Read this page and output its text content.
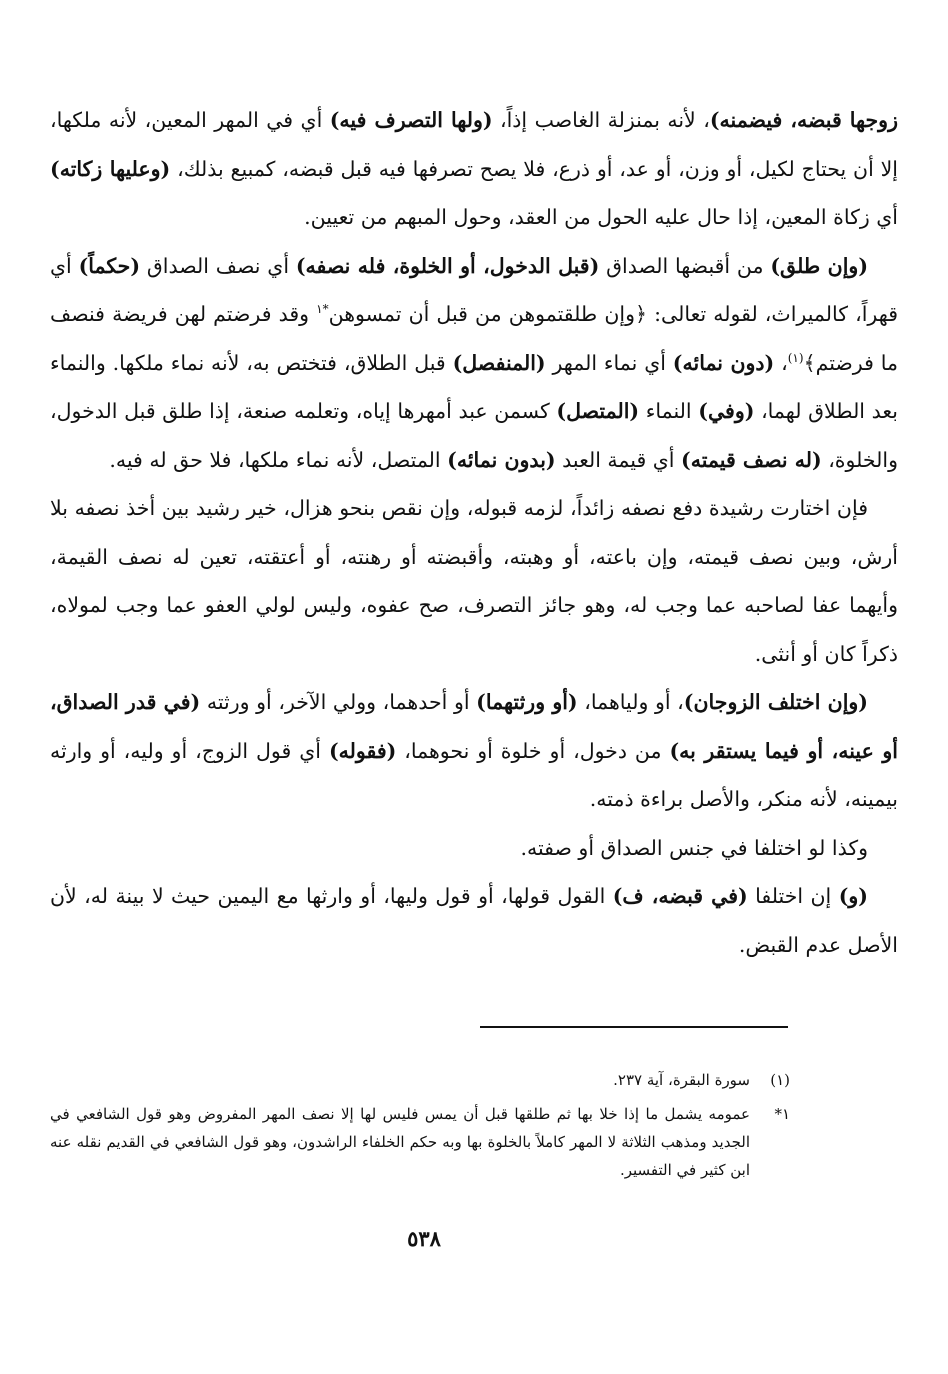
زوجها قبضه، فيضمنه)، لأنه بمنزلة الغاصب إذاً، (ولها التصرف فيه) أي في المهر المعين، لأنه ملكها، إلا أن يحتاج لكيل، أو وزن، أو عد، أو ذرع، فلا يصح تصرفها فيه قبل قبضه، كمبيع بذلك، (وعليها زكاته) أي زكاة المعين، إذا حال عليه الحول من العقد، وحول المبهم من تعيين.

(وإن طلق) من أقبضها الصداق (قبل الدخول، أو الخلوة، فله نصفه) أي نصف الصداق (حكماً) أي قهراً، كالميراث، لقوله تعالى: ﴿وإن طلقتموهن من قبل أن تمسوهن$^{*١}$ وقد فرضتم لهن فريضة فنصف ما فرضتم﴾$^{(١)}$، (دون نمائه) أي نماء المهر (المنفصل) قبل الطلاق، فتختص به، لأنه نماء ملكها. والنماء بعد الطلاق لهما، (وفي) النماء (المتصل) كسمن عبد أمهرها إياه، وتعلمه صنعة، إذا طلق قبل الدخول، والخلوة، (له نصف قيمته) أي قيمة العبد (بدون نمائه) المتصل، لأنه نماء ملكها، فلا حق له فيه.

فإن اختارت رشيدة دفع نصفه زائداً، لزمه قبوله، وإن نقص بنحو هزال، خير رشيد بين أخذ نصفه بلا أرش، وبين نصف قيمته، وإن باعته، أو وهبته، وأقبضته أو رهنته، أو أعتقته، تعين له نصف القيمة، وأيهما عفا لصاحبه عما وجب له، وهو جائز التصرف، صح عفوه، وليس لولي العفو عما وجب لمولاه، ذكراً كان أو أنثى.

(وإن اختلف الزوجان)، أو ولياهما، (أو ورثتهما) أو أحدهما، وولي الآخر، أو ورثته (في قدر الصداق، أو عينه، أو فيما يستقر به) من دخول، أو خلوة أو نحوهما، (فقوله) أي قول الزوج، أو وليه، أو وارثه بيمينه، لأنه منكر، والأصل براءة ذمته.

وكذا لو اختلفا في جنس الصداق أو صفته.

(و) إن اختلفا (في قبضه، ف) القول قولها، أو قول وليها، أو وارثها مع اليمين حيث لا بينة له، لأن الأصل عدم القبض.

(١)
سورة البقرة، آية ٢٣٧.
١*
عمومه يشمل ما إذا خلا بها ثم طلقها قبل أن يمس فليس لها إلا نصف المهر المفروض وهو قول الشافعي في الجديد ومذهب الثلاثة لا المهر كاملاً بالخلوة بها وبه حكم الخلفاء الراشدون، وهو قول الشافعي في القديم نقله عنه ابن كثير في التفسير.
٥٣٨
